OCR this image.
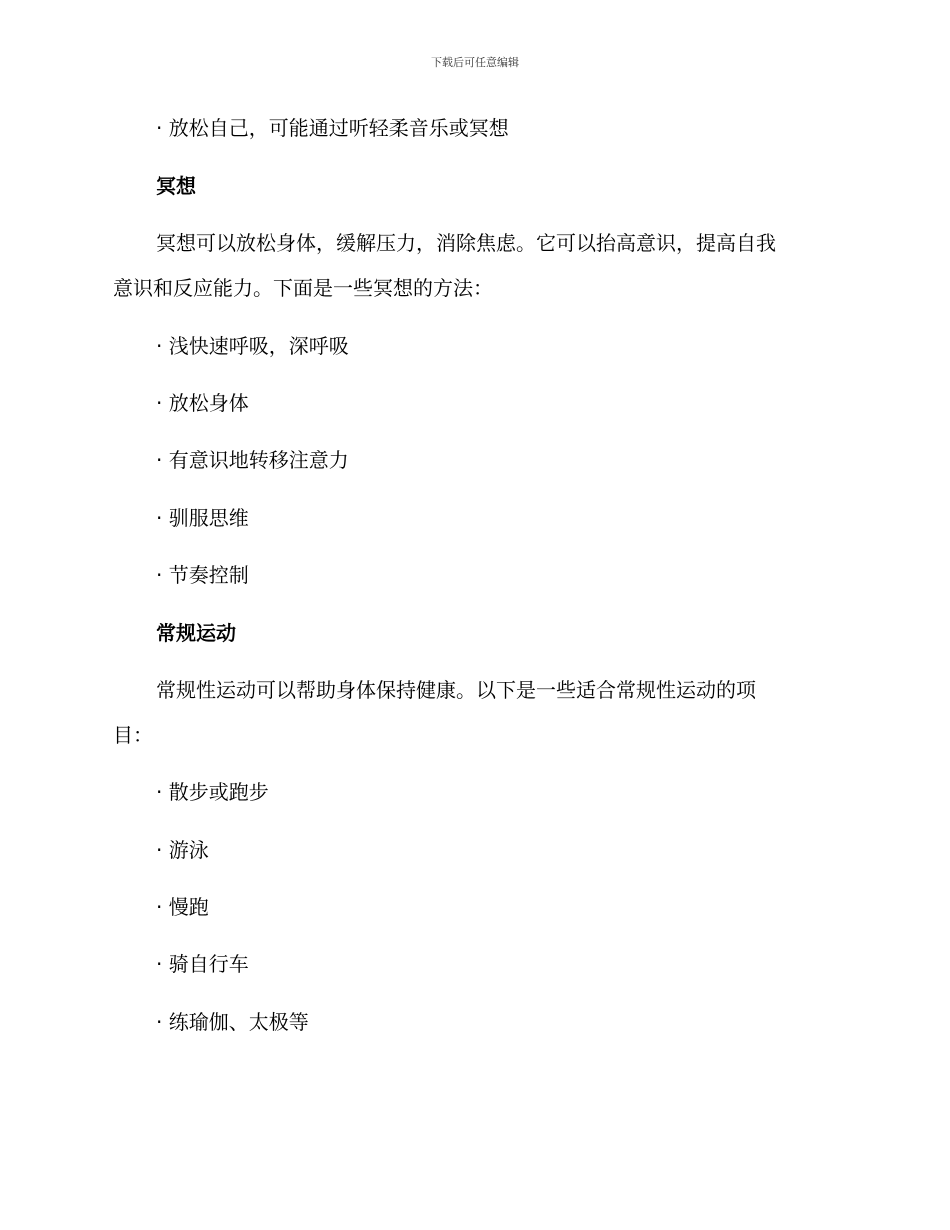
下载后可任意编辑
· 放松自己，可能通过听轻柔音乐或冥想
冥想
冥想可以放松身体，缓解压力，消除焦虑。它可以抬高意识，提高自我
意识和反应能力。下面是一些冥想的方法：
· 浅快速呼吸，深呼吸
· 放松身体
· 有意识地转移注意力
· 驯服思维
· 节奏控制
常规运动
常规性运动可以帮助身体保持健康。以下是一些适合常规性运动的项
目：
· 散步或跑步
· 游泳
· 慢跑
· 骑自行车
· 练瑜伽、太极等
